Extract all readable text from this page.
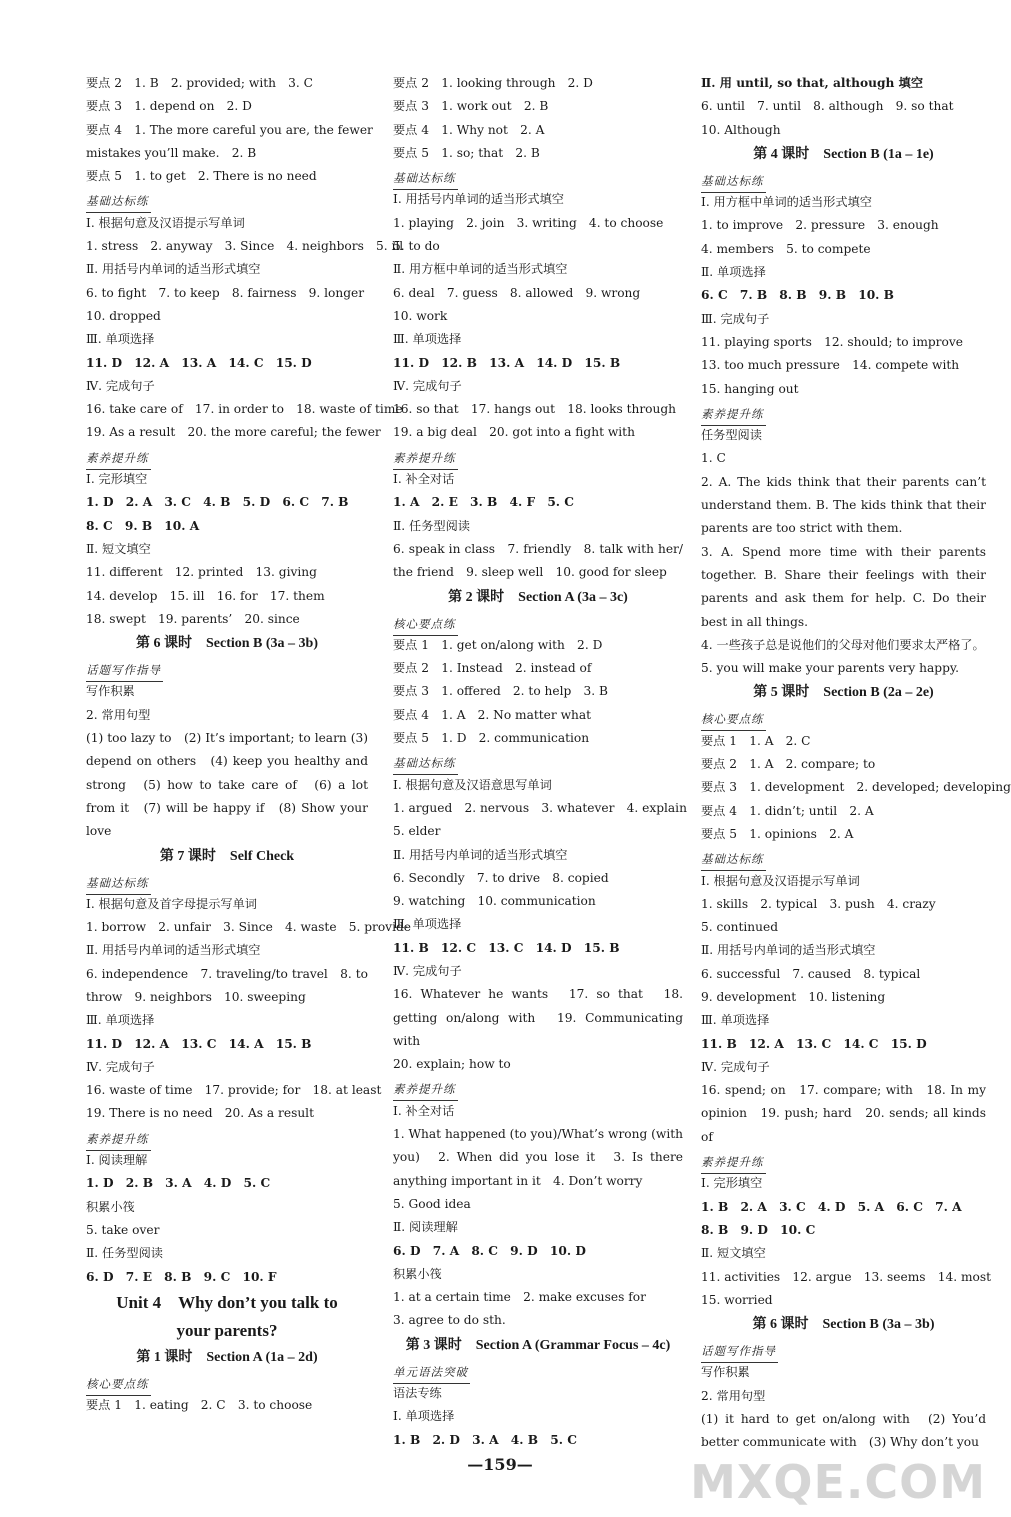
要点 2　1. B　2. provided; with　3. C
要点 3　1. depend on　2. D
要点 4　1. The more careful you are, the fewer
mistakes you’ll make.　2. B
要点 5　1. to get　2. There is no need
基础达标练
Ⅰ. 根据句意及汉语提示写单词
1. stress　2. anyway　3. Since　4. neighbors　5. ill
Ⅱ. 用括号内单词的适当形式填空
6. to fight　7. to keep　8. fairness　9. longer
10. dropped
Ⅲ. 单项选择
11. D　12. A　13. A　14. C　15. D
Ⅳ. 完成句子
16. take care of　17. in order to　18. waste of time
19. As a result　20. the more careful; the fewer
素养提升练
Ⅰ. 完形填空
1. D　2. A　3. C　4. B　5. D　6. C　7. B
8. C　9. B　10. A
Ⅱ. 短文填空
11. different　12. printed　13. giving
14. develop　15. ill　16. for　17. them
18. swept　19. parents’　20. since
第 6 课时　Section B (3a – 3b)
话题写作指导
写作积累
2. 常用句型
(1) too lazy to　(2) It’s important; to learn (3) depend on others　(4) keep you healthy and strong　(5) how to take care of　(6) a lot from it　(7) will be happy if　(8) Show your love
第 7 课时　Self Check
基础达标练
Ⅰ. 根据句意及首字母提示写单词
1. borrow　2. unfair　3. Since　4. waste　5. provide
Ⅱ. 用括号内单词的适当形式填空
6. independence　7. traveling/to travel　8. to throw　9. neighbors　10. sweeping
Ⅲ. 单项选择
11. D　12. A　13. C　14. A　15. B
Ⅳ. 完成句子
16. waste of time　17. provide; for　18. at least
19. There is no need　20. As a result
素养提升练
Ⅰ. 阅读理解
1. D　2. B　3. A　4. D　5. C
积累小筏
5. take over
Ⅱ. 任务型阅读
6. D　7. E　8. B　9. C　10. F
Unit 4　Why don’t you talk to
your parents?
第 1 课时　Section A (1a – 2d)
核心要点练
要点 1　1. eating　2. C　3. to choose
要点 2　1. looking through　2. D
要点 3　1. work out　2. B
要点 4　1. Why not　2. A
要点 5　1. so; that　2. B
基础达标练
Ⅰ. 用括号内单词的适当形式填空
1. playing　2. join　3. writing　4. to choose
5. to do
Ⅱ. 用方框中单词的适当形式填空
6. deal　7. guess　8. allowed　9. wrong
10. work
Ⅲ. 单项选择
11. D　12. B　13. A　14. D　15. B
Ⅳ. 完成句子
16. so that　17. hangs out　18. looks through
19. a big deal　20. got into a fight with
素养提升练
Ⅰ. 补全对话
1. A　2. E　3. B　4. F　5. C
Ⅱ. 任务型阅读
6. speak in class　7. friendly　8. talk with her/ the friend　9. sleep well　10. good for sleep
第 2 课时　Section A (3a – 3c)
核心要点练
要点 1　1. get on/along with　2. D
要点 2　1. Instead　2. instead of
要点 3　1. offered　2. to help　3. B
要点 4　1. A　2. No matter what
要点 5　1. D　2. communication
基础达标练
Ⅰ. 根据句意及汉语意思写单词
1. argued　2. nervous　3. whatever　4. explain
5. elder
Ⅱ. 用括号内单词的适当形式填空
6. Secondly　7. to drive　8. copied
9. watching　10. communication
Ⅲ. 单项选择
11. B　12. C　13. C　14. D　15. B
Ⅳ. 完成句子
16. Whatever he wants　17. so that　18. getting on/along with　19. Communicating with
20. explain; how to
素养提升练
Ⅰ. 补全对话
1. What happened (to you)/What’s wrong (with you)　2. When did you lose it　3. Is there anything important in it　4. Don’t worry
5. Good idea
Ⅱ. 阅读理解
6. D　7. A　8. C　9. D　10. D
积累小筏
1. at a certain time　2. make excuses for
3. agree to do sth.
第 3 课时　Section A (Grammar Focus – 4c)
单元语法突破
语法专练
Ⅰ. 单项选择
1. B　2. D　3. A　4. B　5. C
Ⅱ. 用 until, so that, although 填空
6. until　7. until　8. although　9. so that
10. Although
第 4 课时　Section B (1a – 1e)
基础达标练
Ⅰ. 用方框中单词的适当形式填空
1. to improve　2. pressure　3. enough
4. members　5. to compete
Ⅱ. 单项选择
6. C　7. B　8. B　9. B　10. B
Ⅲ. 完成句子
11. playing sports　12. should; to improve
13. too much pressure　14. compete with
15. hanging out
素养提升练
任务型阅读
1. C
2. A. The kids think that their parents can’t understand them. B. The kids think that their parents are too strict with them.
3. A. Spend more time with their parents together. B. Share their feelings with their parents and ask them for help. C. Do their best in all things.
4. 一些孩子总是说他们的父母对他们要求太严格了。
5. you will make your parents very happy.
第 5 课时　Section B (2a – 2e)
核心要点练
要点 1　1. A　2. C
要点 2　1. A　2. compare; to
要点 3　1. development　2. developed; developing
要点 4　1. didn’t; until　2. A
要点 5　1. opinions　2. A
基础达标练
Ⅰ. 根据句意及汉语提示写单词
1. skills　2. typical　3. push　4. crazy
5. continued
Ⅱ. 用括号内单词的适当形式填空
6. successful　7. caused　8. typical
9. development　10. listening
Ⅲ. 单项选择
11. B　12. A　13. C　14. C　15. D
Ⅳ. 完成句子
16. spend; on　17. compare; with　18. In my opinion　19. push; hard　20. sends; all kinds of
素养提升练
Ⅰ. 完形填空
1. B　2. A　3. C　4. D　5. A　6. C　7. A
8. B　9. D　10. C
Ⅱ. 短文填空
11. activities　12. argue　13. seems　14. most
15. worried
第 6 课时　Section B (3a – 3b)
话题写作指导
写作积累
2. 常用句型
(1) it hard to get on/along with　(2) You’d better communicate with　(3) Why don’t you
—159—	MXQE.COM
